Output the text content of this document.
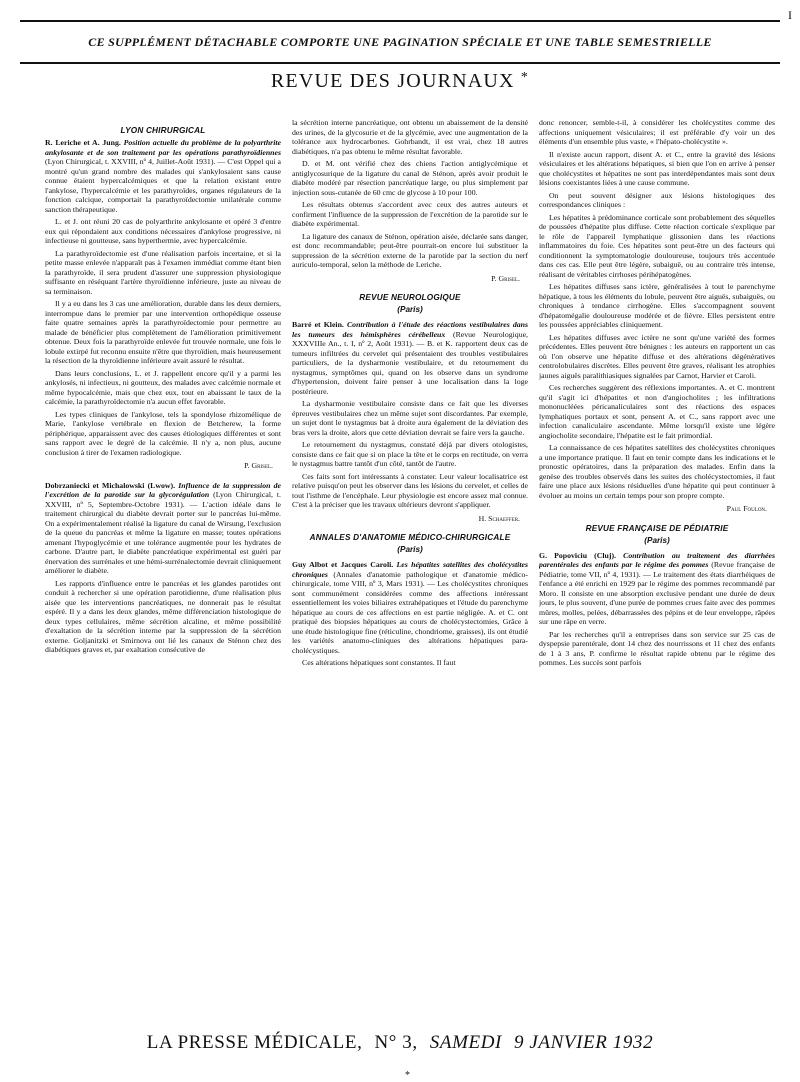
CE SUPPLÉMENT DÉTACHABLE COMPORTE UNE PAGINATION SPÉCIALE ET UNE TABLE SEMESTRIELLE
I
REVUE DES JOURNAUX *
LYON CHIRURGICAL

R. Leriche et A. Jung. Position actuelle du problème de la polyarthrite ankylosante et de son traitement par les opérations parathyroïdiennes (Lyon Chirurgical, t. XXVIII, nº 4, Juillet-Août 1931). — C'est Oppel qui a montré qu'un grand nombre des malades qui s'ankylosaient sans cause connue étaient hypercalcémiques et que la relation existant entre l'ankylose, l'hypercalcémie et les parathyroïdes, organes régulateurs de la fonction calcique, comportait la parathyroïdectomie unilatérale comme sanction thérapeutique.

L. et J. ont réuni 20 cas de polyarthrite ankylosante et opéré 3 d'entre eux qui répondaient aux conditions nécessaires d'ankylose progressive, ni infectieuse ni goutteuse, sans hyperthermie, avec hypercalcémie.

La parathyroïdectomie est d'une réalisation parfois incertaine, et si la petite masse enlevée n'apparaît pas à l'examen immédiat comme étant bien la parathyroïde, il sera prudent d'assurer une suppression physiologique suffisante en réséquant l'artère thyroïdienne inférieure, juste au niveau de sa terminaison.

Il y a eu dans les 3 cas une amélioration, durable dans les deux derniers, interrompue dans le premier par une intervention orthopédique osseuse faite quatre semaines après la parathyroïdectomie pour permettre au malade de bénéficier plus complètement de l'amélioration primitivement obtenue. Deux fois la parathyroïde enlevée fut trouvée normale, une fois le lobule extirpé fut reconnu ensuite n'être que thyroïdien, mais heureusement la résection de la thyroïdienne inférieure avait assuré le résultat.

Dans leurs conclusions, L. et J. rappellent encore qu'il y a parmi les ankylosés, ni infectieux, ni goutteux, des malades avec calcémie normale et même hypocalcémie, mais que chez eux, tout en abaissant le taux de la calcémie, la parathyroïdectomie n'a aucun effet favorable.

Les types cliniques de l'ankylose, tels la spondylose rhizomélique de Marie, l'ankylose vertébrale en flexion de Betcherew, la forme périphérique, apparaissent avec des causes étiologiques différentes et sont sans rapport avec le degré de la calcémie. Il n'y a, non plus, aucune conclusion à tirer de l'examen radiologique.

P. Grisel.

Dobrzaniecki et Michalowski (Lwow). Influence de la suppression de l'excrétion de la parotide sur la glycorégulation (Lyon Chirurgical, t. XXVIII, nº 5, Septembre-Octobre 1931). — L'action idéale dans le traitement chirurgical du diabète devrait porter sur le pancréas lui-même. On a expérimentalement réalisé la ligature du canal de Wirsung, l'exclusion de la queue du pancréas et même la ligature en masse; toutes opérations amenant l'hypoglycémie et une tolérance augmentée pour les hydrates de carbone. D'autre part, le diabète pancréatique expérimental est guéri par énervation des surrénales et une hémi-surrénalectomie devrait cliniquement améliorer le diabète.

Les rapports d'influence entre le pancréas et les glandes parotides ont conduit à rechercher si une opération parotidienne, d'une réalisation plus aisée que les interventions pancréatiques, ne donnerait pas le résultat espéré. Il y a dans les deux glandes, même différenciation histologique de deux types cellulaires, même sécrétion alcaline, et même possibilité d'exaltation de la sécrétion interne par la suppression de la sécrétion externe. Goljanitzki et Smirnova ont lié les canaux de Sténon chez des diabétiques graves et, par exaltation consécutive de

la sécrétion interne pancréatique, ont obtenu un abaissement de la densité des urines, de la glycosurie et de la glycémie, avec une augmentation de la tolérance aux hydrocarbones. Gohrbandt, il est vrai, chez 18 autres diabétiques, n'a pas obtenu le même résultat favorable.

D. et M. ont vérifié chez des chiens l'action antiglycémique et antiglycosurique de la ligature du canal de Sténon, après avoir produit le diabète modéré par résection pancréatique large, ou plus simplement par injection sous-cutanée de 60 cmc de glycose à 10 pour 100.

Les résultats obtenus s'accordent avec ceux des autres auteurs et confirment l'influence de la suppression de l'excrétion de la parotide sur le diabète expérimental.

La ligature des canaux de Sténon, opération aisée, déclarée sans danger, est donc recommandable; peut-être pourrait-on encore lui substituer la suppression de la sécrétion externe de la parotide par la section du nerf auriculo-temporal, selon la méthode de Leriche.

P. Grisel.
REVUE NEUROLOGIQUE
(Paris)

Barré et Klein. Contribution à l'étude des réactions vestibulaires dans les tumeurs des hémisphères cérébelleux (Revue Neurologique, XXXVIIIe An., t. I, nº 2, Août 1931). — B. et K. rapportent deux cas de tumeurs infiltrées du cervelet qui présentaient des troubles vestibulaires particuliers, de la dysharmonie vestibulaire, et du retournement du nystagmus, symptômes qui, quand on les observe dans un syndrome d'hypertension, doivent faire penser à une localisation dans la loge postérieure.

La dysharmonie vestibulaire consiste dans ce fait que les diverses épreuves vestibulaires chez un même sujet sont discordantes. Par exemple, un sujet dont le nystagmus bat à droite aura également de la déviation des bras vers la droite, alors que cette déviation devrait se faire vers la gauche.

Le retournement du nystagmus, constaté déjà par divers otologistes, consiste dans ce fait que si on place la tête et le corps en rectitude, on verra le nystagmus battre tantôt d'un côté, tantôt de l'autre.

Ces faits sont fort intéressants à constater. Leur valeur localisatrice est relative puisqu'on peut les observer dans les lésions du cervelet, et celles de tout l'isthme de l'encéphale. Leur physiologie est encore assez mal connue. C'est à la préciser que les travaux ultérieurs devront s'appliquer.

H. Schaeffer.
ANNALES D'ANATOMIE MÉDICO-CHIRURGICALE
(Paris)

Guy Albot et Jacques Caroli. Les hépatites satellites des cholécystites chroniques (Annales d'anatomie pathologique et d'anatomie médico-chirurgicale, tome VIII, nº 3, Mars 1931). — Les cholécystites chroniques sont communément considérées comme des affections intéressant essentiellement les voies biliaires extrahépatiques et l'étude du parenchyme hépatique au cours de ces affections en est partie négligée. A. et C. ont pratiqué des biopsies hépatiques au cours de cholécystectomies, Grâce à une étude histologique fine (réticuline, chondriome, graisses), ils ont étudié les variétés anatomo-cliniques des altérations hépatiques para-cholécystiques.

Ces altérations hépatiques sont constantes. Il faut

donc renoncer, semble-t-il, à considérer les cholécystites comme des affections uniquement vésiculaires; il est préférable d'y voir un des éléments d'un ensemble plus vaste, « l'hépato-cholécystite ».

Il n'existe aucun rapport, disent A. et C., entre la gravité des lésions vésiculaires et les altérations hépatiques, si bien que l'on en arrive à penser que cholécystites et hépatites ne sont pas interdépendantes mais sont deux lésions coexistantes liées à une cause commune.

On peut souvent désigner aux lésions histologiques des correspondances cliniques :

Les hépatites à prédominance corticale sont probablement des séquelles de poussées d'hépatite plus diffuse. Cette réaction corticale s'explique par le rôle de l'appareil lymphatique glissonien dans les réactions inflammatoires du foie. Ces hépatites sont peut-être un des facteurs qui conditionnent la symptomatologie douloureuse, toujours très accentuée dans ces cas. Elle peut être légère, subaiguë, ou au contraire très intense, réalisant de véritables cirrhoses périhépatogènes.

Les hépatites diffuses sans ictère, généralisées à tout le parenchyme hépatique, à tous les éléments du lobule, peuvent être aiguës, subaiguës, ou chroniques à tendance cirrhogène. Elles s'accompagnent souvent d'hépatomégalie douloureuse modérée et de fièvre. Elles persistent entre les poussées appréciables cliniquement.

Les hépatites diffuses avec ictère ne sont qu'une variété des formes précédentes. Elles peuvent être bénignes : les auteurs en rapportent un cas où l'on observe une hépatite diffuse et des altérations dégénératives centrolobulaires discrètes. Elles peuvent être graves, réalisant les atrophies jaunes aiguës paralithiasiques signalées par Carnot, Harvier et Caroli.

Ces recherches suggèrent des réflexions importantes. A. et C. montrent qu'il s'agit ici d'hépatites et non d'angiocholites ; les infiltrations mononucléées péricanaliculaires sont des réactions des espaces lymphatiques portaux et sont, pensent A. et C., sans rapport avec une infection canaliculaire ascendante. Même lorsqu'il existe une légère angiocholite secondaire, l'hépatite est le fait primordial.

La connaissance de ces hépatites satellites des cholécystites chroniques a une importance pratique. Il faut en tenir compte dans les indications et le pronostic opératoires, dans la préparation des malades. Enfin dans la genèse des troubles observés dans les suites des cholécystectomies, il faut faire une place aux lésions résiduelles d'une hépatite qui peut continuer à évoluer au moins un certain temps pour son propre compte.

Paul Foulon.
REVUE FRANÇAISE DE PÉDIATRIE
(Paris)

G. Popoviciu (Cluj). Contribution au traitement des diarrhées parentérales des enfants par le régime des pommes (Revue française de Pédiatrie, tome VII, nº 4, 1931). — Le traitement des états diarrhéiques de l'enfance a été enrichi en 1929 par le régime des pommes recommandé par Moro. Il consiste en une absorption exclusive pendant une durée de deux jours, le plus souvent, d'une purée de pommes crues faite avec des pommes mûres, molles, pelées, débarrassées des pépins et de leur enveloppe, râpées sur une râpe en verre.

Par les recherches qu'il a entreprises dans son service sur 25 cas de dyspepsie parentérale, dont 14 chez des nourrissons et 11 chez des enfants de 1 à 3 ans, P. confirme le résultat rapide obtenu par le régime des pommes. Les succès sont parfois

LA PRESSE MÉDICALE, N° 3, SAMEDI 9 JANVIER 1932
*
